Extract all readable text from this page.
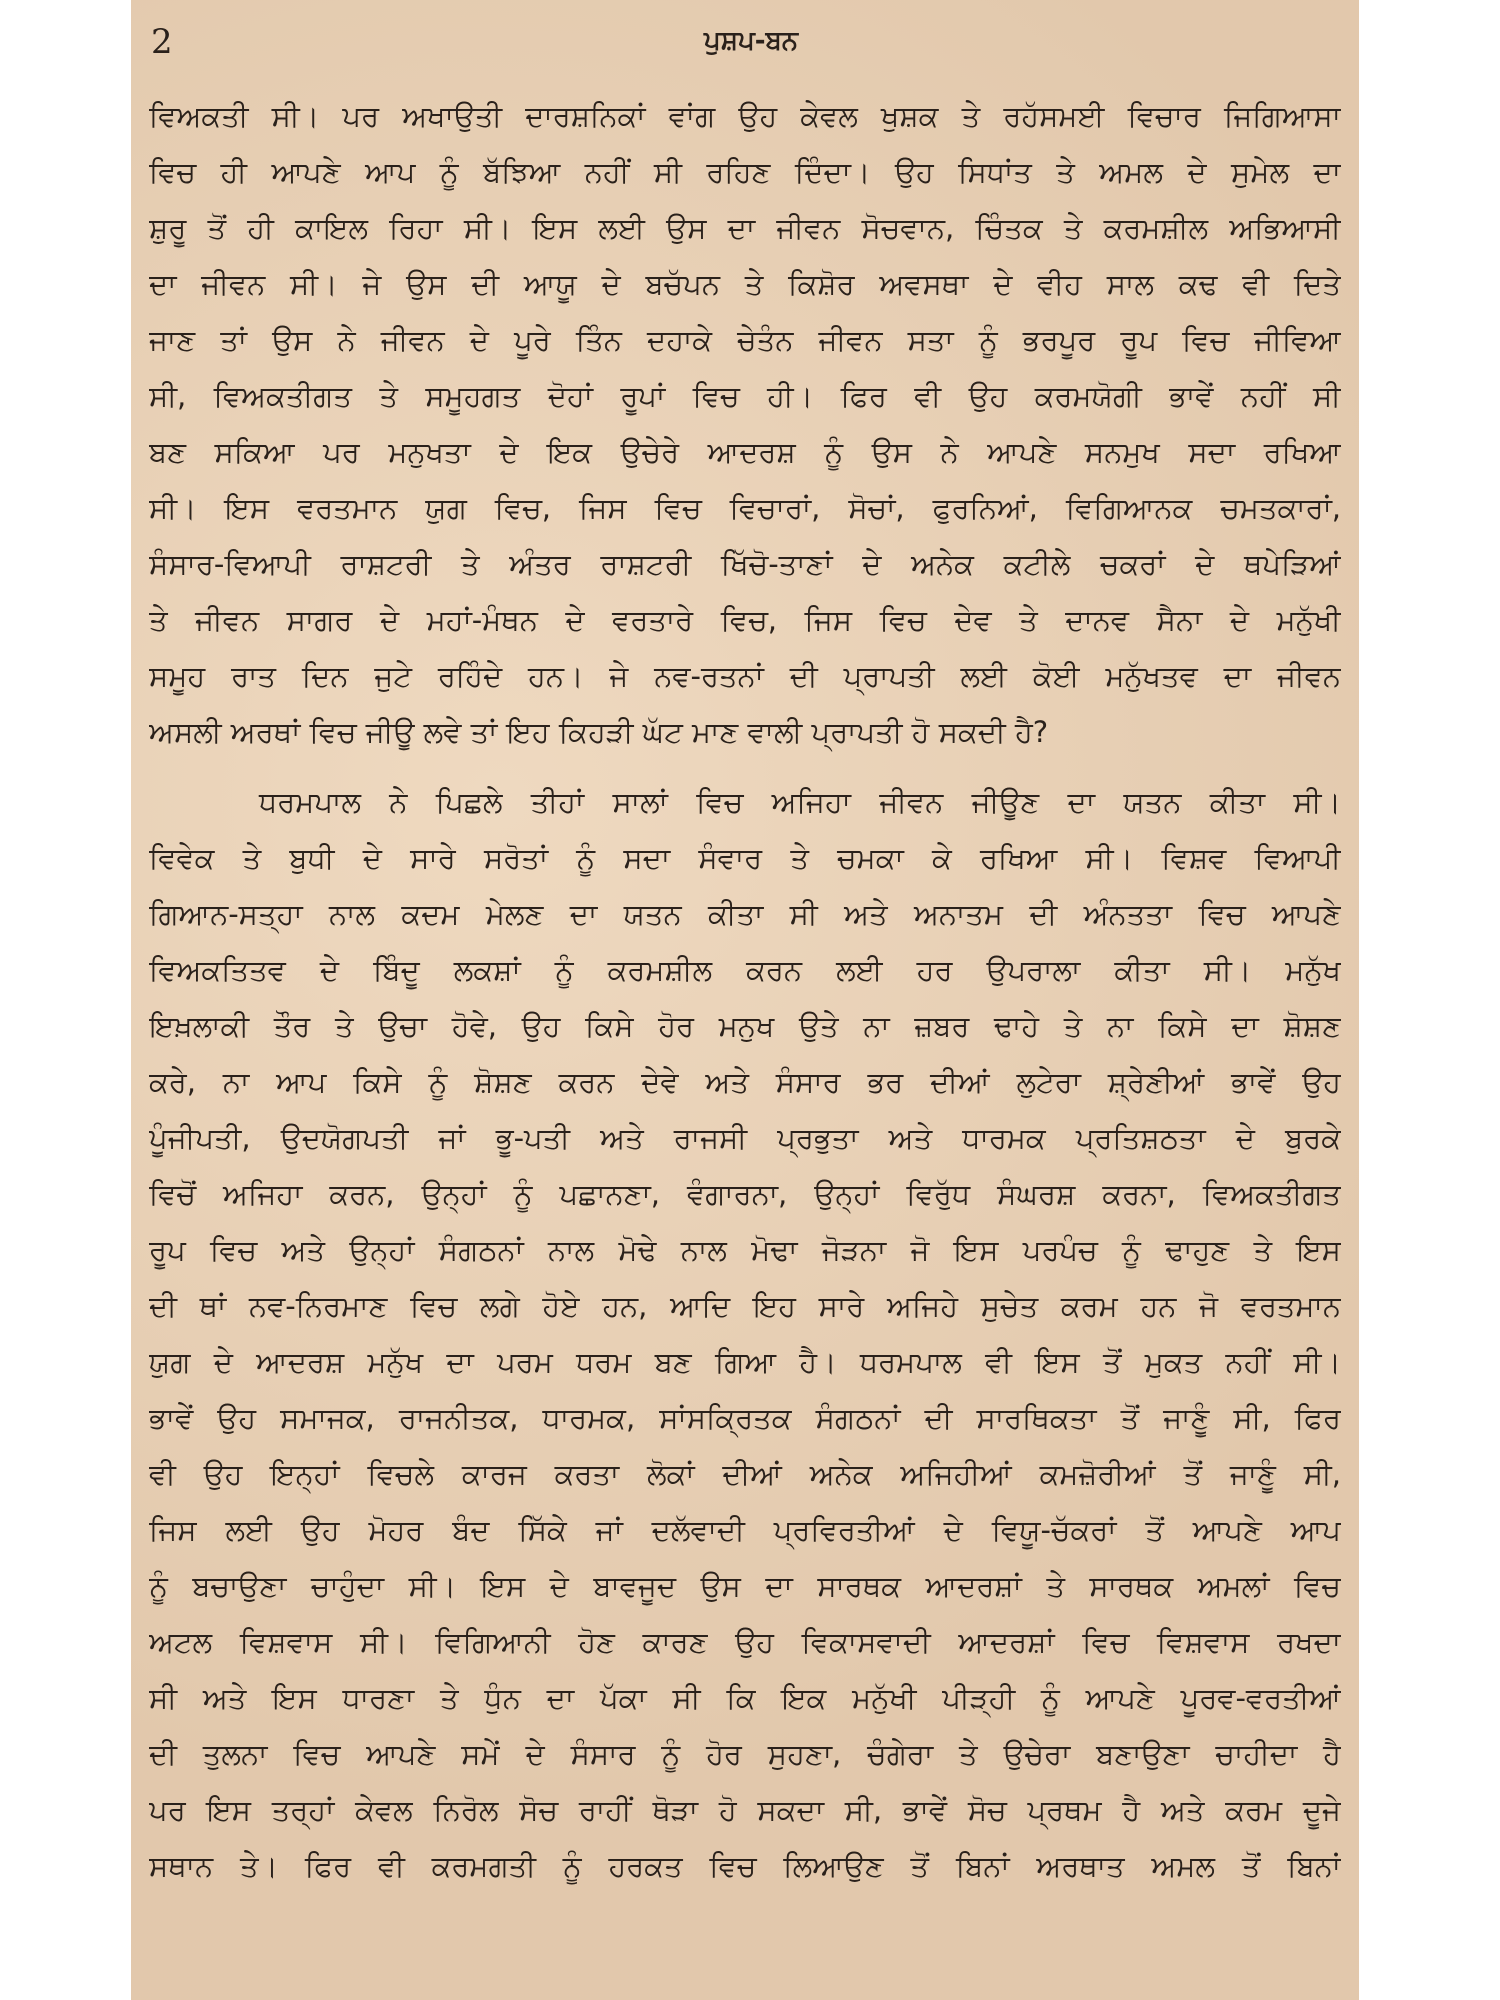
2	ਪੁਸ਼ਪ-ਬਨ
ਵਿਅਕਤੀ ਸੀ। ਪਰ ਅਖਾਉਤੀ ਦਾਰਸ਼ਨਿਕਾਂ ਵਾਂਗ ਉਹ ਕੇਵਲ ਖੁਸ਼ਕ ਤੇ ਰਹੱਸਮਈ ਵਿਚਾਰ ਜਿਗਿਆਸਾ
ਵਿਚ ਹੀ ਆਪਣੇ ਆਪ ਨੂੰ ਬੱਝਿਆ ਨਹੀਂ ਸੀ ਰਹਿਣ ਦਿੰਦਾ। ਉਹ ਸਿਧਾਂਤ ਤੇ ਅਮਲ ਦੇ ਸੁਮੇਲ ਦਾ
ਸ਼ੁਰੂ ਤੋਂ ਹੀ ਕਾਇਲ ਰਿਹਾ ਸੀ। ਇਸ ਲਈ ਉਸ ਦਾ ਜੀਵਨ ਸੋਚਵਾਨ, ਚਿੰਤਕ ਤੇ ਕਰਮਸ਼ੀਲ ਅਭਿਆਸੀ
ਦਾ ਜੀਵਨ ਸੀ। ਜੇ ਉਸ ਦੀ ਆਯੂ ਦੇ ਬਚੱਪਨ ਤੇ ਕਿਸ਼ੋਰ ਅਵਸਥਾ ਦੇ ਵੀਹ ਸਾਲ ਕਢ ਵੀ ਦਿਤੇ
ਜਾਣ ਤਾਂ ਉਸ ਨੇ ਜੀਵਨ ਦੇ ਪੂਰੇ ਤਿੰਨ ਦਹਾਕੇ ਚੇਤੰਨ ਜੀਵਨ ਸਤਾ ਨੂੰ ਭਰਪੂਰ ਰੂਪ ਵਿਚ ਜੀਵਿਆ
ਸੀ, ਵਿਅਕਤੀਗਤ ਤੇ ਸਮੂਹਗਤ ਦੋਹਾਂ ਰੂਪਾਂ ਵਿਚ ਹੀ। ਫਿਰ ਵੀ ਉਹ ਕਰਮਯੋਗੀ ਭਾਵੇਂ ਨਹੀਂ ਸੀ
ਬਣ ਸਕਿਆ ਪਰ ਮਨੁਖਤਾ ਦੇ ਇਕ ਉਚੇਰੇ ਆਦਰਸ਼ ਨੂੰ ਉਸ ਨੇ ਆਪਣੇ ਸਨਮੁਖ ਸਦਾ ਰਖਿਆ
ਸੀ। ਇਸ ਵਰਤਮਾਨ ਯੁਗ ਵਿਚ, ਜਿਸ ਵਿਚ ਵਿਚਾਰਾਂ, ਸੋਚਾਂ, ਫੁਰਨਿਆਂ, ਵਿਗਿਆਨਕ ਚਮਤਕਾਰਾਂ,
ਸੰਸਾਰ-ਵਿਆਪੀ ਰਾਸ਼ਟਰੀ ਤੇ ਅੰਤਰ ਰਾਸ਼ਟਰੀ ਖਿੱਚੋ-ਤਾਣਾਂ ਦੇ ਅਨੇਕ ਕਟੀਲੇ ਚਕਰਾਂ ਦੇ ਥਪੇੜਿਆਂ
ਤੇ ਜੀਵਨ ਸਾਗਰ ਦੇ ਮਹਾਂ-ਮੰਥਨ ਦੇ ਵਰਤਾਰੇ ਵਿਚ, ਜਿਸ ਵਿਚ ਦੇਵ ਤੇ ਦਾਨਵ ਸੈਨਾ ਦੇ ਮਨੁੱਖੀ
ਸਮੂਹ ਰਾਤ ਦਿਨ ਜੁਟੇ ਰਹਿੰਦੇ ਹਨ। ਜੇ ਨਵ-ਰਤਨਾਂ ਦੀ ਪ੍ਰਾਪਤੀ ਲਈ ਕੋਈ ਮਨੁੱਖਤਵ ਦਾ ਜੀਵਨ
ਅਸਲੀ ਅਰਥਾਂ ਵਿਚ ਜੀਊ ਲਵੇ ਤਾਂ ਇਹ ਕਿਹੜੀ ਘੱਟ ਮਾਣ ਵਾਲੀ ਪ੍ਰਾਪਤੀ ਹੋ ਸਕਦੀ ਹੈ?
ਧਰਮਪਾਲ ਨੇ ਪਿਛਲੇ ਤੀਹਾਂ ਸਾਲਾਂ ਵਿਚ ਅਜਿਹਾ ਜੀਵਨ ਜੀਊਣ ਦਾ ਯਤਨ ਕੀਤਾ ਸੀ।
ਵਿਵੇਕ ਤੇ ਬੁਧੀ ਦੇ ਸਾਰੇ ਸਰੋਤਾਂ ਨੂੰ ਸਦਾ ਸੰਵਾਰ ਤੇ ਚਮਕਾ ਕੇ ਰਖਿਆ ਸੀ। ਵਿਸ਼ਵ ਵਿਆਪੀ
ਗਿਆਨ-ਸਤ੍ਹਾ ਨਾਲ ਕਦਮ ਮੇਲਣ ਦਾ ਯਤਨ ਕੀਤਾ ਸੀ ਅਤੇ ਅਨਾਤਮ ਦੀ ਅੰਨਤਤਾ ਵਿਚ ਆਪਣੇ
ਵਿਅਕਤਿਤਵ ਦੇ ਬਿੰਦੂ ਲਕਸ਼ਾਂ ਨੂੰ ਕਰਮਸ਼ੀਲ ਕਰਨ ਲਈ ਹਰ ਉਪਰਾਲਾ ਕੀਤਾ ਸੀ। ਮਨੁੱਖ
ਇਖ਼ਲਾਕੀ ਤੌਰ ਤੇ ਉਚਾ ਹੋਵੇ, ਉਹ ਕਿਸੇ ਹੋਰ ਮਨੁਖ ਉਤੇ ਨਾ ਜ਼ਬਰ ਢਾਹੇ ਤੇ ਨਾ ਕਿਸੇ ਦਾ ਸ਼ੋਸ਼ਣ
ਕਰੇ, ਨਾ ਆਪ ਕਿਸੇ ਨੂੰ ਸ਼ੋਸ਼ਣ ਕਰਨ ਦੇਵੇ ਅਤੇ ਸੰਸਾਰ ਭਰ ਦੀਆਂ ਲੁਟੇਰਾ ਸ਼੍ਰੇਣੀਆਂ ਭਾਵੇਂ ਉਹ
ਪੂੰਜੀਪਤੀ, ਉਦਯੋਗਪਤੀ ਜਾਂ ਭੂ-ਪਤੀ ਅਤੇ ਰਾਜਸੀ ਪ੍ਰਭੁਤਾ ਅਤੇ ਧਾਰਮਕ ਪ੍ਰਤਿਸ਼ਠਤਾ ਦੇ ਬੁਰਕੇ
ਵਿਚੋਂ ਅਜਿਹਾ ਕਰਨ, ਉਨ੍ਹਾਂ ਨੂੰ ਪਛਾਨਣਾ, ਵੰਗਾਰਨਾ, ਉਨ੍ਹਾਂ ਵਿਰੁੱਧ ਸੰਘਰਸ਼ ਕਰਨਾ, ਵਿਅਕਤੀਗਤ
ਰੂਪ ਵਿਚ ਅਤੇ ਉਨ੍ਹਾਂ ਸੰਗਠਨਾਂ ਨਾਲ ਮੋਢੇ ਨਾਲ ਮੋਢਾ ਜੋੜਨਾ ਜੋ ਇਸ ਪਰਪੰਚ ਨੂੰ ਢਾਹੁਣ ਤੇ ਇਸ
ਦੀ ਥਾਂ ਨਵ-ਨਿਰਮਾਣ ਵਿਚ ਲਗੇ ਹੋਏ ਹਨ, ਆਦਿ ਇਹ ਸਾਰੇ ਅਜਿਹੇ ਸੁਚੇਤ ਕਰਮ ਹਨ ਜੋ ਵਰਤਮਾਨ
ਯੁਗ ਦੇ ਆਦਰਸ਼ ਮਨੁੱਖ ਦਾ ਪਰਮ ਧਰਮ ਬਣ ਗਿਆ ਹੈ। ਧਰਮਪਾਲ ਵੀ ਇਸ ਤੋਂ ਮੁਕਤ ਨਹੀਂ ਸੀ।
ਭਾਵੇਂ ਉਹ ਸਮਾਜਕ, ਰਾਜਨੀਤਕ, ਧਾਰਮਕ, ਸਾਂਸਕ੍ਰਿਤਕ ਸੰਗਠਨਾਂ ਦੀ ਸਾਰਥਿਕਤਾ ਤੋਂ ਜਾਣੂੰ ਸੀ, ਫਿਰ
ਵੀ ਉਹ ਇਨ੍ਹਾਂ ਵਿਚਲੇ ਕਾਰਜ ਕਰਤਾ ਲੋਕਾਂ ਦੀਆਂ ਅਨੇਕ ਅਜਿਹੀਆਂ ਕਮਜ਼ੋਰੀਆਂ ਤੋਂ ਜਾਣੂੰ ਸੀ,
ਜਿਸ ਲਈ ਉਹ ਮੋਹਰ ਬੰਦ ਸਿੱਕੇ ਜਾਂ ਦਲੱਵਾਦੀ ਪ੍ਰਵਿਰਤੀਆਂ ਦੇ ਵਿਯੂ-ਚੱਕਰਾਂ ਤੋਂ ਆਪਣੇ ਆਪ
ਨੂੰ ਬਚਾਉਣਾ ਚਾਹੁੰਦਾ ਸੀ। ਇਸ ਦੇ ਬਾਵਜੂਦ ਉਸ ਦਾ ਸਾਰਥਕ ਆਦਰਸ਼ਾਂ ਤੇ ਸਾਰਥਕ ਅਮਲਾਂ ਵਿਚ
ਅਟਲ ਵਿਸ਼ਵਾਸ ਸੀ। ਵਿਗਿਆਨੀ ਹੋਣ ਕਾਰਣ ਉਹ ਵਿਕਾਸਵਾਦੀ ਆਦਰਸ਼ਾਂ ਵਿਚ ਵਿਸ਼ਵਾਸ ਰਖਦਾ
ਸੀ ਅਤੇ ਇਸ ਧਾਰਣਾ ਤੇ ਧੁੰਨ ਦਾ ਪੱਕਾ ਸੀ ਕਿ ਇਕ ਮਨੁੱਖੀ ਪੀੜ੍ਹੀ ਨੂੰ ਆਪਣੇ ਪੂਰਵ-ਵਰਤੀਆਂ
ਦੀ ਤੁਲਨਾ ਵਿਚ ਆਪਣੇ ਸਮੇਂ ਦੇ ਸੰਸਾਰ ਨੂੰ ਹੋਰ ਸੁਹਣਾ, ਚੰਗੇਰਾ ਤੇ ਉਚੇਰਾ ਬਣਾਉਣਾ ਚਾਹੀਦਾ ਹੈ
ਪਰ ਇਸ ਤਰ੍ਹਾਂ ਕੇਵਲ ਨਿਰੋਲ ਸੋਚ ਰਾਹੀਂ ਥੋੜਾ ਹੋ ਸਕਦਾ ਸੀ, ਭਾਵੇਂ ਸੋਚ ਪ੍ਰਥਮ ਹੈ ਅਤੇ ਕਰਮ ਦੂਜੇ
ਸਥਾਨ ਤੇ। ਫਿਰ ਵੀ ਕਰਮਗਤੀ ਨੂੰ ਹਰਕਤ ਵਿਚ ਲਿਆਉਣ ਤੋਂ ਬਿਨਾਂ ਅਰਥਾਤ ਅਮਲ ਤੋਂ ਬਿਨਾਂ
